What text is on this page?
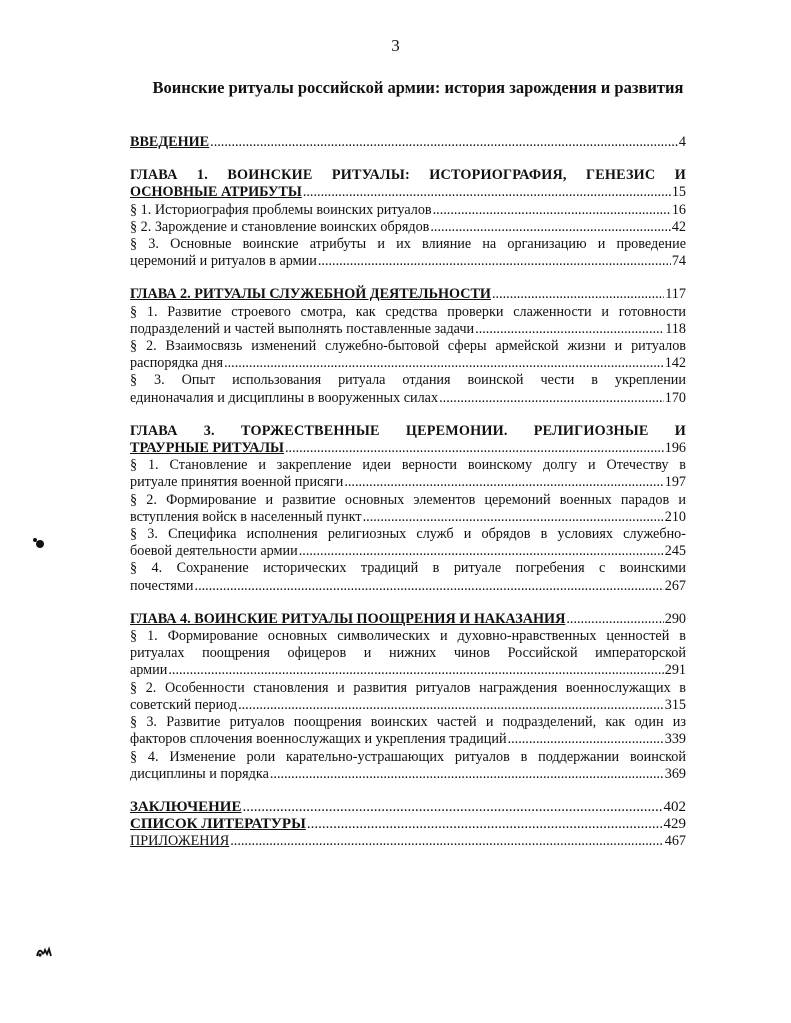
3
Воинские ритуалы российской армии: история зарождения и развития
ВВЕДЕНИЕ .....	4
ГЛАВА 1. ВОИНСКИЕ РИТУАЛЫ: ИСТОРИОГРАФИЯ, ГЕНЕЗИС И
ОСНОВНЫЕ АТРИБУТЫ .....	15
§ 1. Историография проблемы воинских ритуалов .....	16
§ 2. Зарождение и становление воинских обрядов .....	42
§ 3. Основные воинские атрибуты и их влияние на организацию и проведение
церемоний и ритуалов в армии .....	74
ГЛАВА 2. РИТУАЛЫ СЛУЖЕБНОЙ ДЕЯТЕЛЬНОСТИ .....	117
§ 1. Развитие строевого смотра, как средства проверки слаженности и готовности
подразделений и частей выполнять поставленные задачи .....	118
§ 2. Взаимосвязь изменений служебно-бытовой сферы армейской жизни и ритуалов
распорядка дня .....	142
§ 3. Опыт использования ритуала отдания воинской чести в укреплении
единоначалия и дисциплины в вооруженных силах .....	170
ГЛАВА 3. ТОРЖЕСТВЕННЫЕ ЦЕРЕМОНИИ. РЕЛИГИОЗНЫЕ И
ТРАУРНЫЕ РИТУАЛЫ .....	196
§ 1. Становление и закрепление идеи верности воинскому долгу и Отечеству в
ритуале принятия военной присяги .....	197
§ 2. Формирование и развитие основных элементов церемоний военных парадов и
вступления войск в населенный пункт .....	210
§ 3. Специфика исполнения религиозных служб и обрядов в условиях служебно-
боевой деятельности армии .....	245
§ 4. Сохранение исторических традиций в ритуале погребения с воинскими
почестями .....	267
ГЛАВА 4. ВОИНСКИЕ РИТУАЛЫ ПООЩРЕНИЯ И НАКАЗАНИЯ .....	290
§ 1. Формирование основных символических и духовно-нравственных ценностей в
ритуалах поощрения офицеров и нижних чинов Российской императорской
армии .....	291
§ 2. Особенности становления и развития ритуалов награждения военнослужащих в
советский период .....	315
§ 3. Развитие ритуалов поощрения воинских частей и подразделений, как один из
факторов сплочения военнослужащих и укрепления традиций .....	339
§ 4. Изменение роли карательно-устрашающих ритуалов в поддержании воинской
дисциплины и порядка .....	369
ЗАКЛЮЧЕНИЕ .....	402
СПИСОК ЛИТЕРАТУРЫ .....	429
ПРИЛОЖЕНИЯ .....	467
